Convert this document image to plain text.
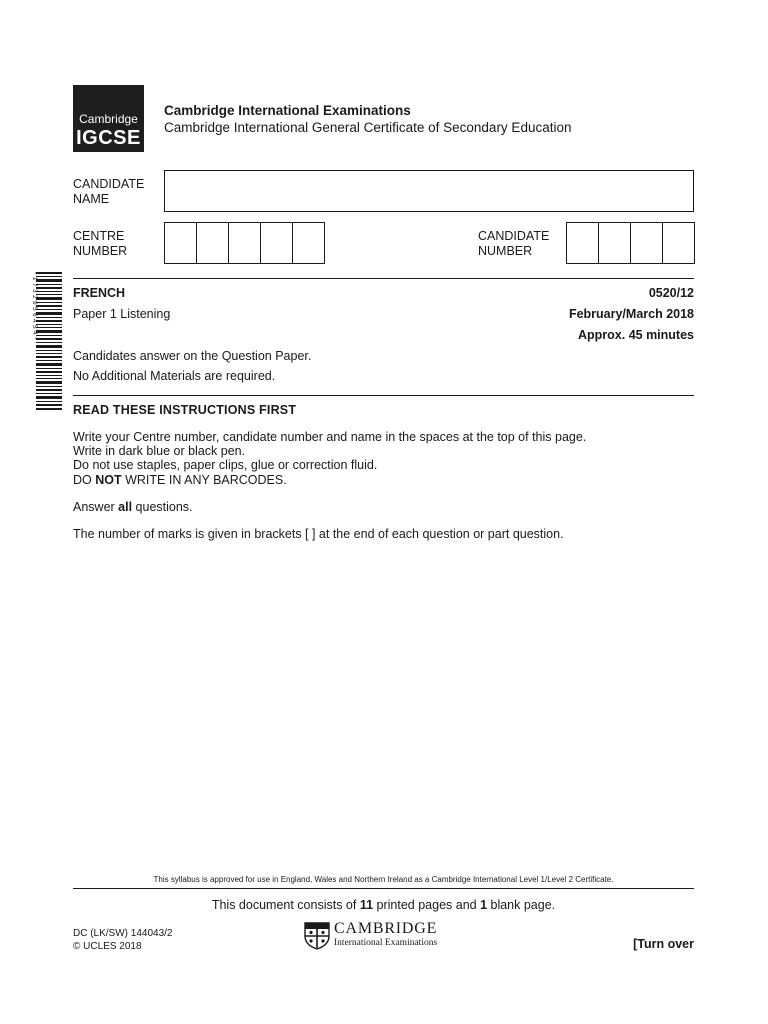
Cambridge
IGCSE
Cambridge International Examinations
Cambridge International General Certificate of Secondary Education
CANDIDATE
NAME
CENTRE
NUMBER
CANDIDATE
NUMBER
*1732956454*	FRENCH	0520/12
Paper 1 Listening	February/March 2018
Approx. 45 minutes
Candidates answer on the Question Paper.
No Additional Materials are required.
READ THESE INSTRUCTIONS FIRST
Write your Centre number, candidate number and name in the spaces at the top of this page.
Write in dark blue or black pen.
Do not use staples, paper clips, glue or correction fluid.
DO NOT WRITE IN ANY BARCODES.
Answer all questions.
The number of marks is given in brackets [ ] at the end of each question or part question.
This syllabus is approved for use in England, Wales and Northern Ireland as a Cambridge International Level 1/Level 2 Certificate.
This document consists of 11 printed pages and 1 blank page.
DC (LK/SW) 144043/2
© UCLES 2018
CAMBRIDGE
International Examinations	[Turn over
